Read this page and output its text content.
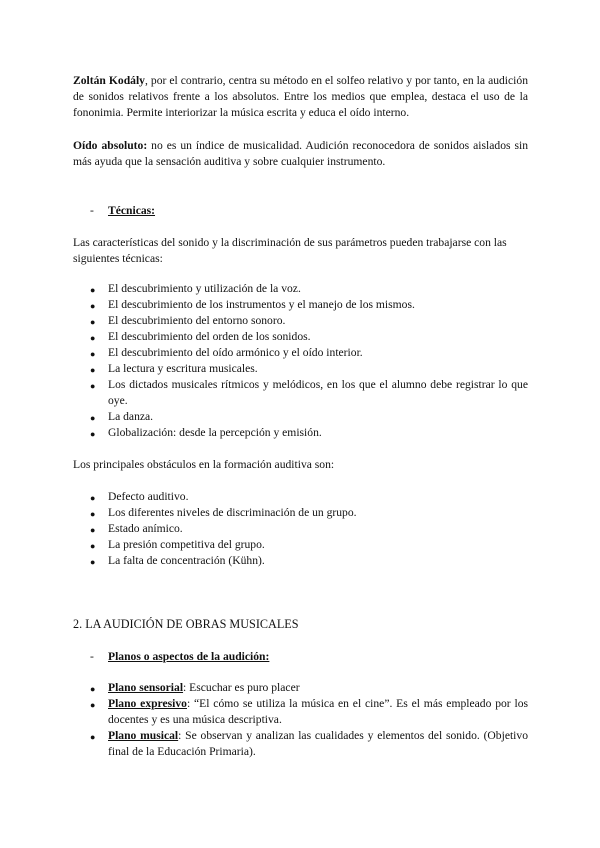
Zoltán Kodály, por el contrario, centra su método en el solfeo relativo y por tanto, en la audición de sonidos relativos frente a los absolutos. Entre los medios que emplea, destaca el uso de la fononimia. Permite interiorizar la música escrita y educa el oído interno.
Oído absoluto: no es un índice de musicalidad. Audición reconocedora de sonidos aislados sin más ayuda que la sensación auditiva y sobre cualquier instrumento.
- Técnicas:
Las características del sonido y la discriminación de sus parámetros pueden trabajarse con las siguientes técnicas:
● El descubrimiento y utilización de la voz.
● El descubrimiento de los instrumentos y el manejo de los mismos.
● El descubrimiento del entorno sonoro.
● El descubrimiento del orden de los sonidos.
● El descubrimiento del oído armónico y el oído interior.
● La lectura y escritura musicales.
● Los dictados musicales rítmicos y melódicos, en los que el alumno debe registrar lo que oye.
● La danza.
● Globalización: desde la percepción y emisión.
Los principales obstáculos en la formación auditiva son:
● Defecto auditivo.
● Los diferentes niveles de discriminación de un grupo.
● Estado anímico.
● La presión competitiva del grupo.
● La falta de concentración (Kühn).
2. LA AUDICIÓN DE OBRAS MUSICALES
- Planos o aspectos de la audición:
● Plano sensorial: Escuchar es puro placer
● Plano expresivo: “El cómo se utiliza la música en el cine”. Es el más empleado por los docentes y es una música descriptiva.
● Plano musical: Se observan y analizan las cualidades y elementos del sonido. (Objetivo final de la Educación Primaria).
